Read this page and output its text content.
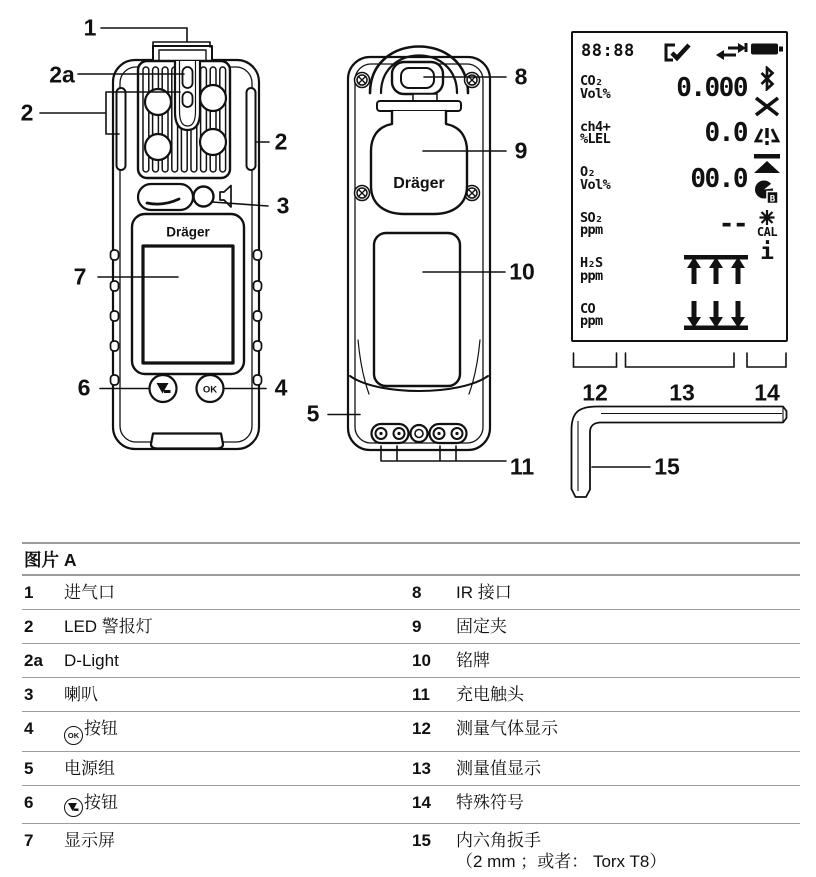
Dräger
OK
Dräger
1
2a
2
2
3
4
5
6
7
8
9
10
11
12	13	14
15
88:88
CO₂
Vol%	0.000
ch4+
%LEL	0.0
O₂
Vol%	00.0
SO₂
ppm	--
H₂S
ppm
CO
ppm
B
CAL
i
图片 A
1	进气口	8	IR 接口
2	LED 警报灯	9	固定夹
2a	D-Light	10	铭牌
3	喇叭	11	充电触头
4	OK 按钮	12	测量气体显示
5	电源组	13	测量值显示
6	按钮	14	特殊符号
7	显示屏	15	内六角扳手
（2 mm ；或者： Torx T8）
